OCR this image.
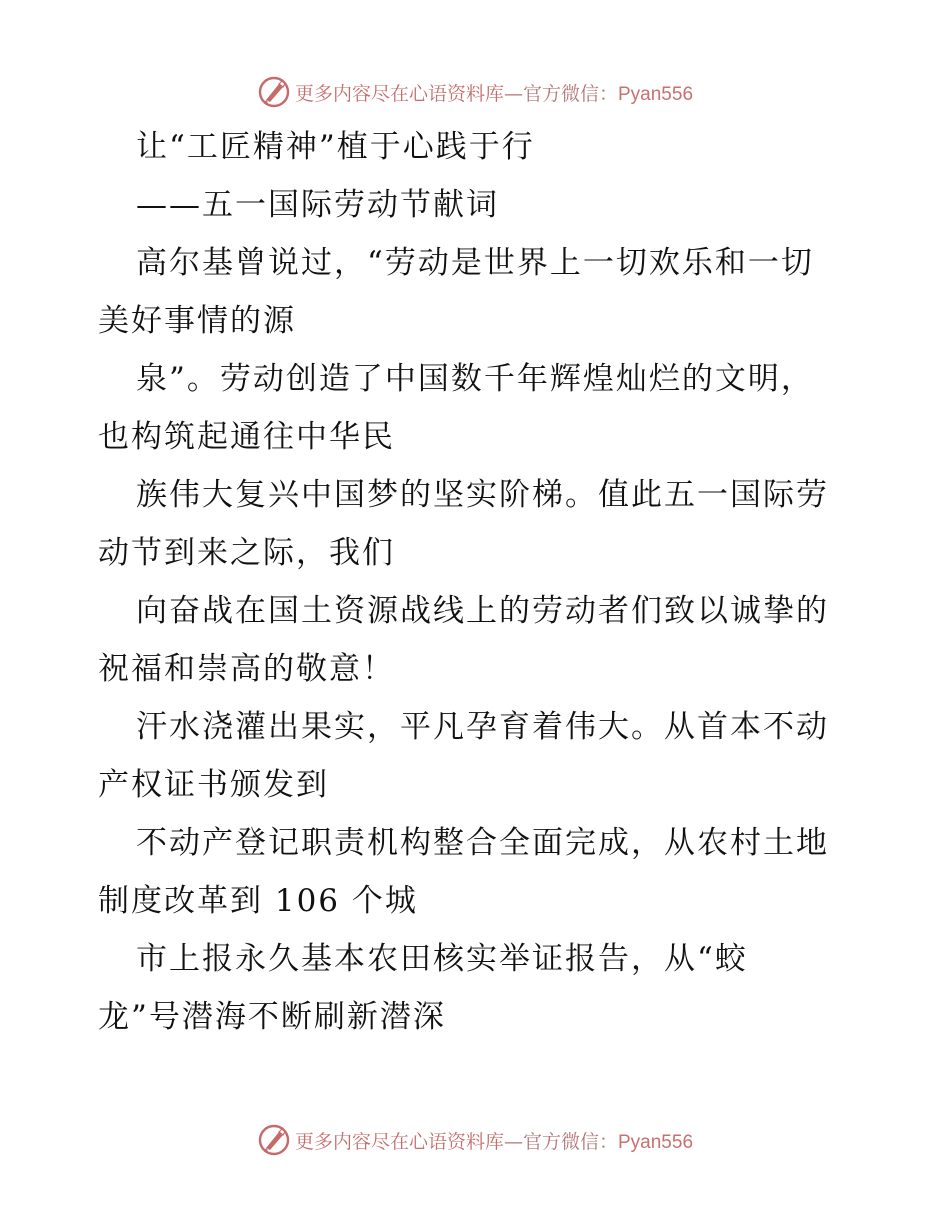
更多内容尽在心语资料库—官方微信：Pyan556
让“工匠精神”植于心践于行
——五一国际劳动节献词
高尔基曾说过，“劳动是世界上一切欢乐和一切
美好事情的源
泉”。劳动创造了中国数千年辉煌灿烂的文明，
也构筑起通往中华民
族伟大复兴中国梦的坚实阶梯。值此五一国际劳
动节到来之际，我们
向奋战在国土资源战线上的劳动者们致以诚挚的
祝福和崇高的敬意！
汗水浇灌出果实，平凡孕育着伟大。从首本不动
产权证书颁发到
不动产登记职责机构整合全面完成，从农村土地
制度改革到 106 个城
市上报永久基本农田核实举证报告，从“蛟
龙”号潜海不断刷新潜深
更多内容尽在心语资料库—官方微信：Pyan556
